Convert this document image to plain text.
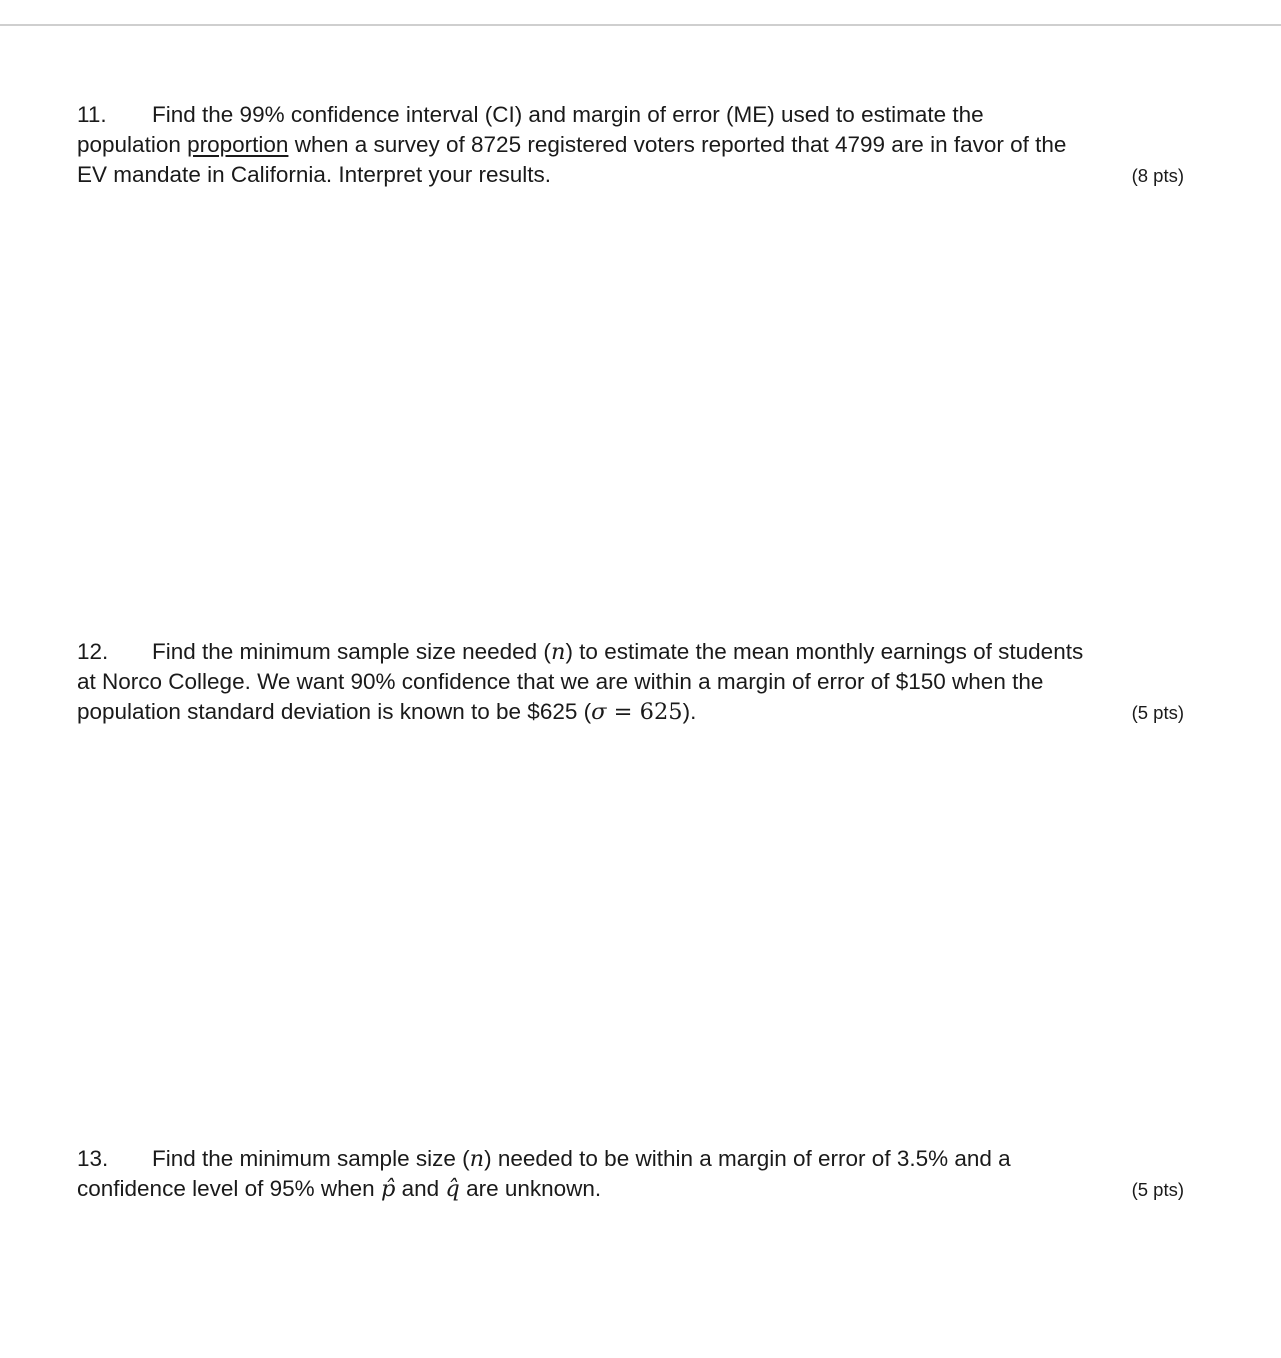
11. Find the 99% confidence interval (CI) and margin of error (ME) used to estimate the
population proportion when a survey of 8725 registered voters reported that 4799 are in favor of the
EV mandate in California. Interpret your results.	(8 pts)
12. Find the minimum sample size needed (n) to estimate the mean monthly earnings of students
at Norco College. We want 90% confidence that we are within a margin of error of $150 when the
population standard deviation is known to be $625 (σ = 625).	(5 pts)
13. Find the minimum sample size (n) needed to be within a margin of error of 3.5% and a
confidence level of 95% when p̂ and q̂ are unknown.	(5 pts)
